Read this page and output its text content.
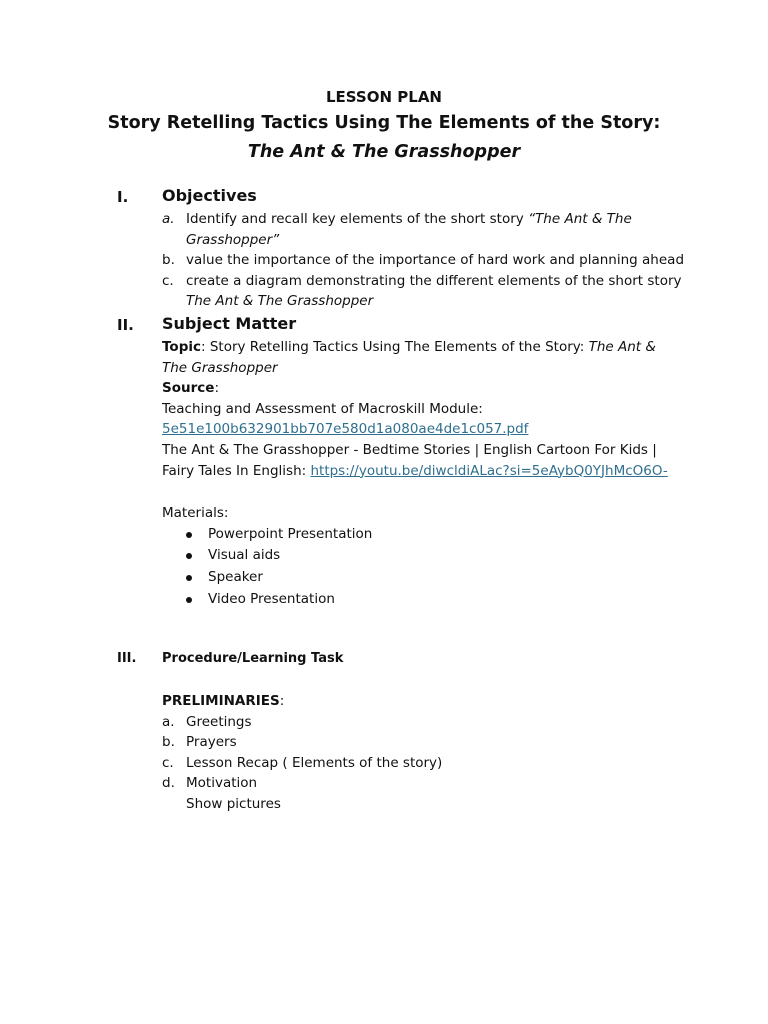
LESSON PLAN
Story Retelling Tactics Using The Elements of the Story:
The Ant & The Grasshopper
I. Objectives
a. Identify and recall key elements of the short story “The Ant & The Grasshopper”
b. value the importance of the importance of hard work and planning ahead
c. create a diagram demonstrating the different elements of the short story The Ant & The Grasshopper
II. Subject Matter
Topic: Story Retelling Tactics Using The Elements of the Story: The Ant & The Grasshopper
Source:
Teaching and Assessment of Macroskill Module:
5e51e100b632901bb707e580d1a080ae4de1c057.pdf
The Ant & The Grasshopper - Bedtime Stories | English Cartoon For Kids | Fairy Tales In English: https://youtu.be/diwcldiALac?si=5eAybQ0YJhMcO6O-
Materials:
Powerpoint Presentation
Visual aids
Speaker
Video Presentation
III. Procedure/Learning Task
PRELIMINARIES:
a. Greetings
b. Prayers
c. Lesson Recap ( Elements of the story)
d. Motivation
Show pictures
